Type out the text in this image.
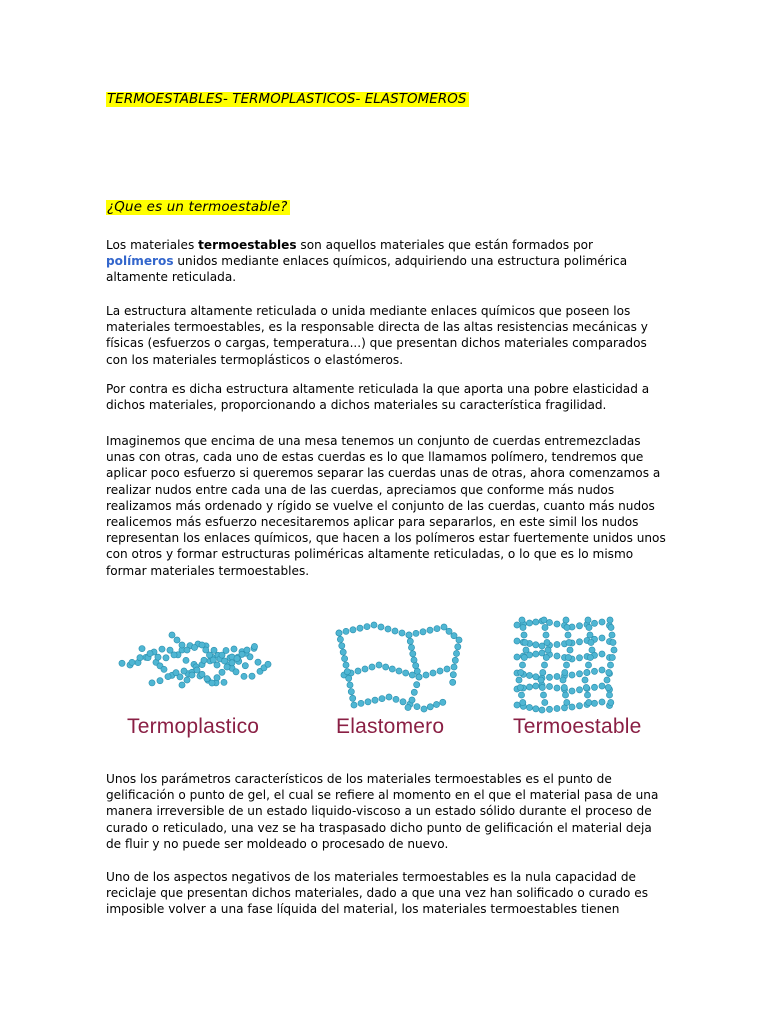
TERMOESTABLES- TERMOPLASTICOS- ELASTOMEROS
¿Que es un termoestable?

Los materiales termoestables son aquellos materiales que están formados por
polímeros unidos mediante enlaces químicos, adquiriendo una estructura polimérica altamente reticulada.

La estructura altamente reticulada o unida mediante enlaces químicos que poseen los materiales termoestables, es la responsable directa de las altas resistencias mecánicas y físicas (esfuerzos o cargas, temperatura...) que presentan dichos materiales comparados con los materiales termoplásticos o elastómeros.

Por contra es dicha estructura altamente reticulada la que aporta una pobre elasticidad a dichos materiales, proporcionando a dichos materiales su característica fragilidad.

Imaginemos que encima de una mesa tenemos un conjunto de cuerdas entremezcladas unas con otras, cada uno de estas cuerdas es lo que llamamos polímero, tendremos que aplicar poco esfuerzo si queremos separar las cuerdas unas de otras, ahora comenzamos a realizar nudos entre cada una de las cuerdas, apreciamos que conforme más nudos realizamos más ordenado y rígido se vuelve el conjunto de las cuerdas, cuanto más nudos realicemos más esfuerzo necesitaremos aplicar para separarlos, en este simil los nudos representan los enlaces químicos, que hacen a los polímeros estar fuertemente unidos unos con otros y formar estructuras poliméricas altamente reticuladas, o lo que es lo mismo formar materiales termoestables.

Termoplastico	Elastomero	Termoestable

Unos los parámetros característicos de los materiales termoestables es el punto de gelificación o punto de gel, el cual se refiere al momento en el que el material pasa de una manera irreversible de un estado liquido-viscoso a un estado sólido durante el proceso de curado o reticulado, una vez se ha traspasado dicho punto de gelificación el material deja de fluir y no puede ser moldeado o procesado de nuevo.

Uno de los aspectos negativos de los materiales termoestables es la nula capacidad de reciclaje que presentan dichos materiales, dado a que una vez han solificado o curado es imposible volver a una fase líquida del material, los materiales termoestables tienen
